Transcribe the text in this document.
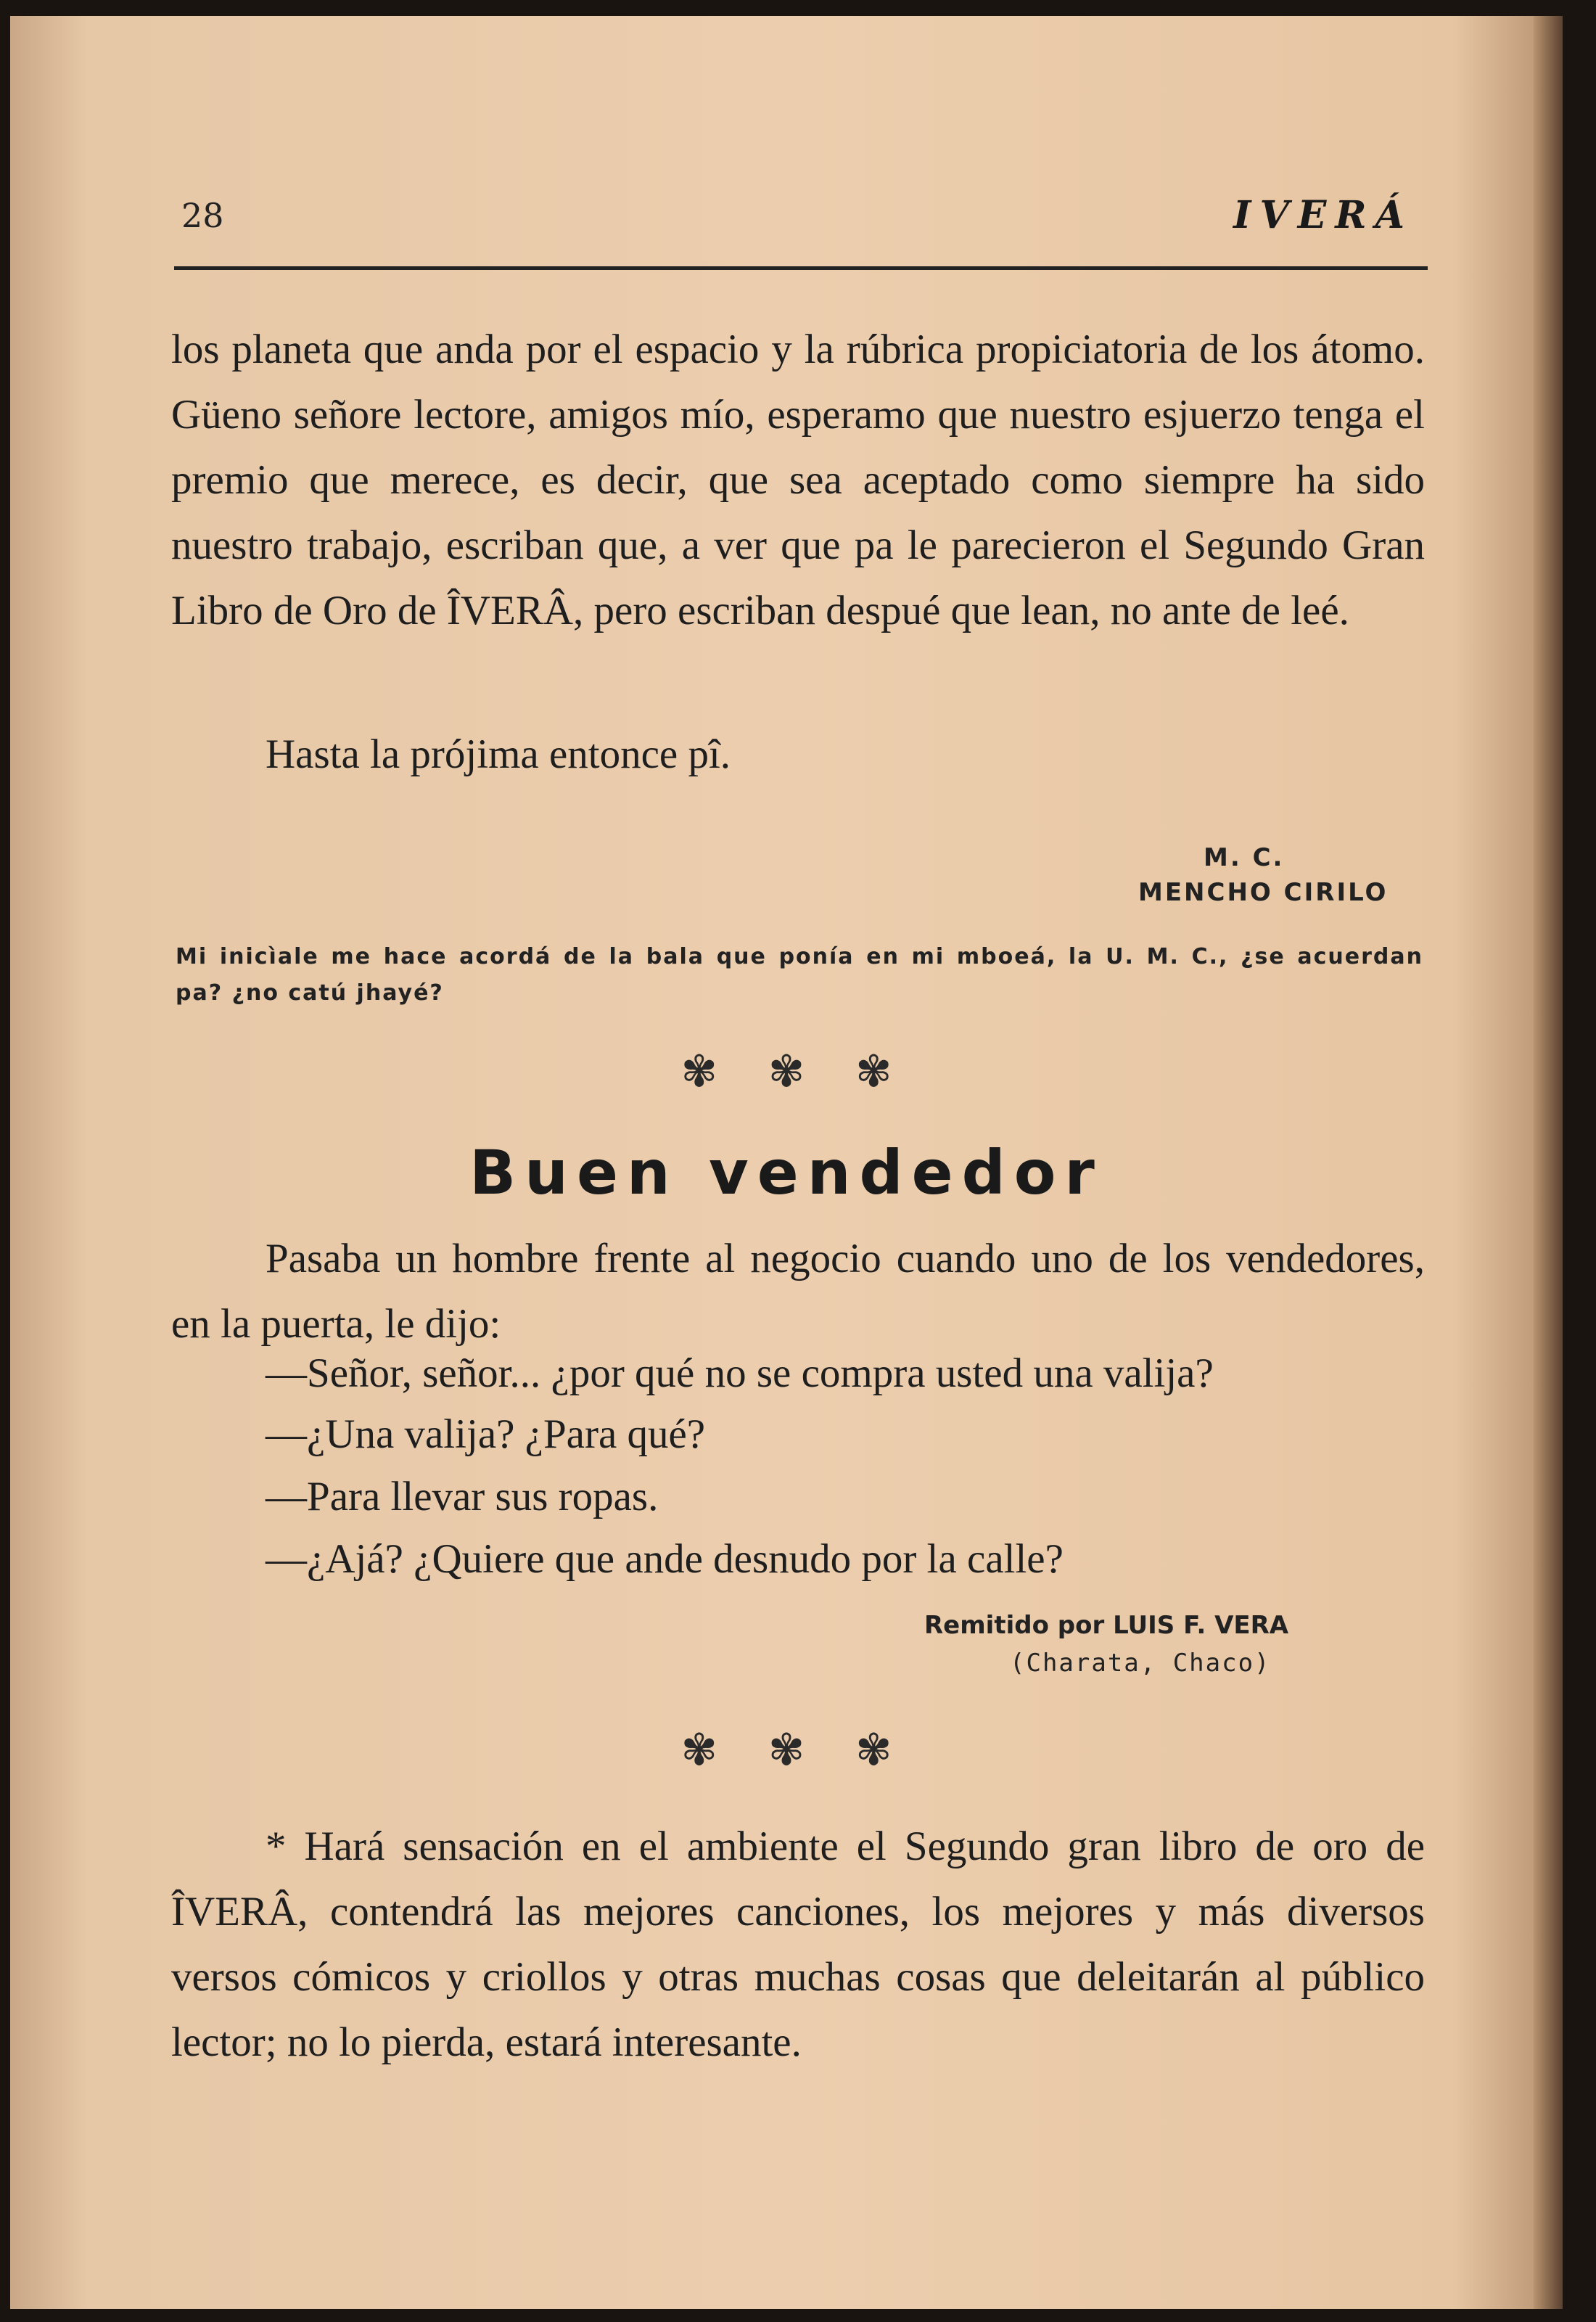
28	IVERÁ

los planeta que anda por el espacio y la rúbrica propiciatoria de los átomo. Güeno señore lectore, amigos mío, esperamo que nuestro esjuerzo tenga el premio que merece, es decir, que sea aceptado como siempre ha sido nuestro trabajo, escriban que, a ver que pa le parecieron el Segundo Gran Libro de Oro de ÎVERÂ, pero escriban despué que lean, no ante de leé.

Hasta la prójima entonce pî.

M. C.
MENCHO CIRILO

Mi inicìale me hace acordá de la bala que ponía en mi mboeá, la U. M. C., ¿se acuerdan pa? ¿no catú jhayé?

✾ ✾ ✾
Buen vendedor

Pasaba un hombre frente al negocio cuando uno de los vendedores, en la puerta, le dijo:

—Señor, señor... ¿por qué no se compra usted una valija?

—¿Una valija? ¿Para qué?

—Para llevar sus ropas.

—¿Ajá? ¿Quiere que ande desnudo por la calle?

Remitido por LUIS F. VERA
(Charata, Chaco)
✾ ✾ ✾

* Hará sensación en el ambiente el Segundo gran libro de oro de ÎVERÂ, contendrá las mejores canciones, los mejores y más diversos versos cómicos y criollos y otras muchas cosas que deleitarán al público lector; no lo pierda, estará interesante.
